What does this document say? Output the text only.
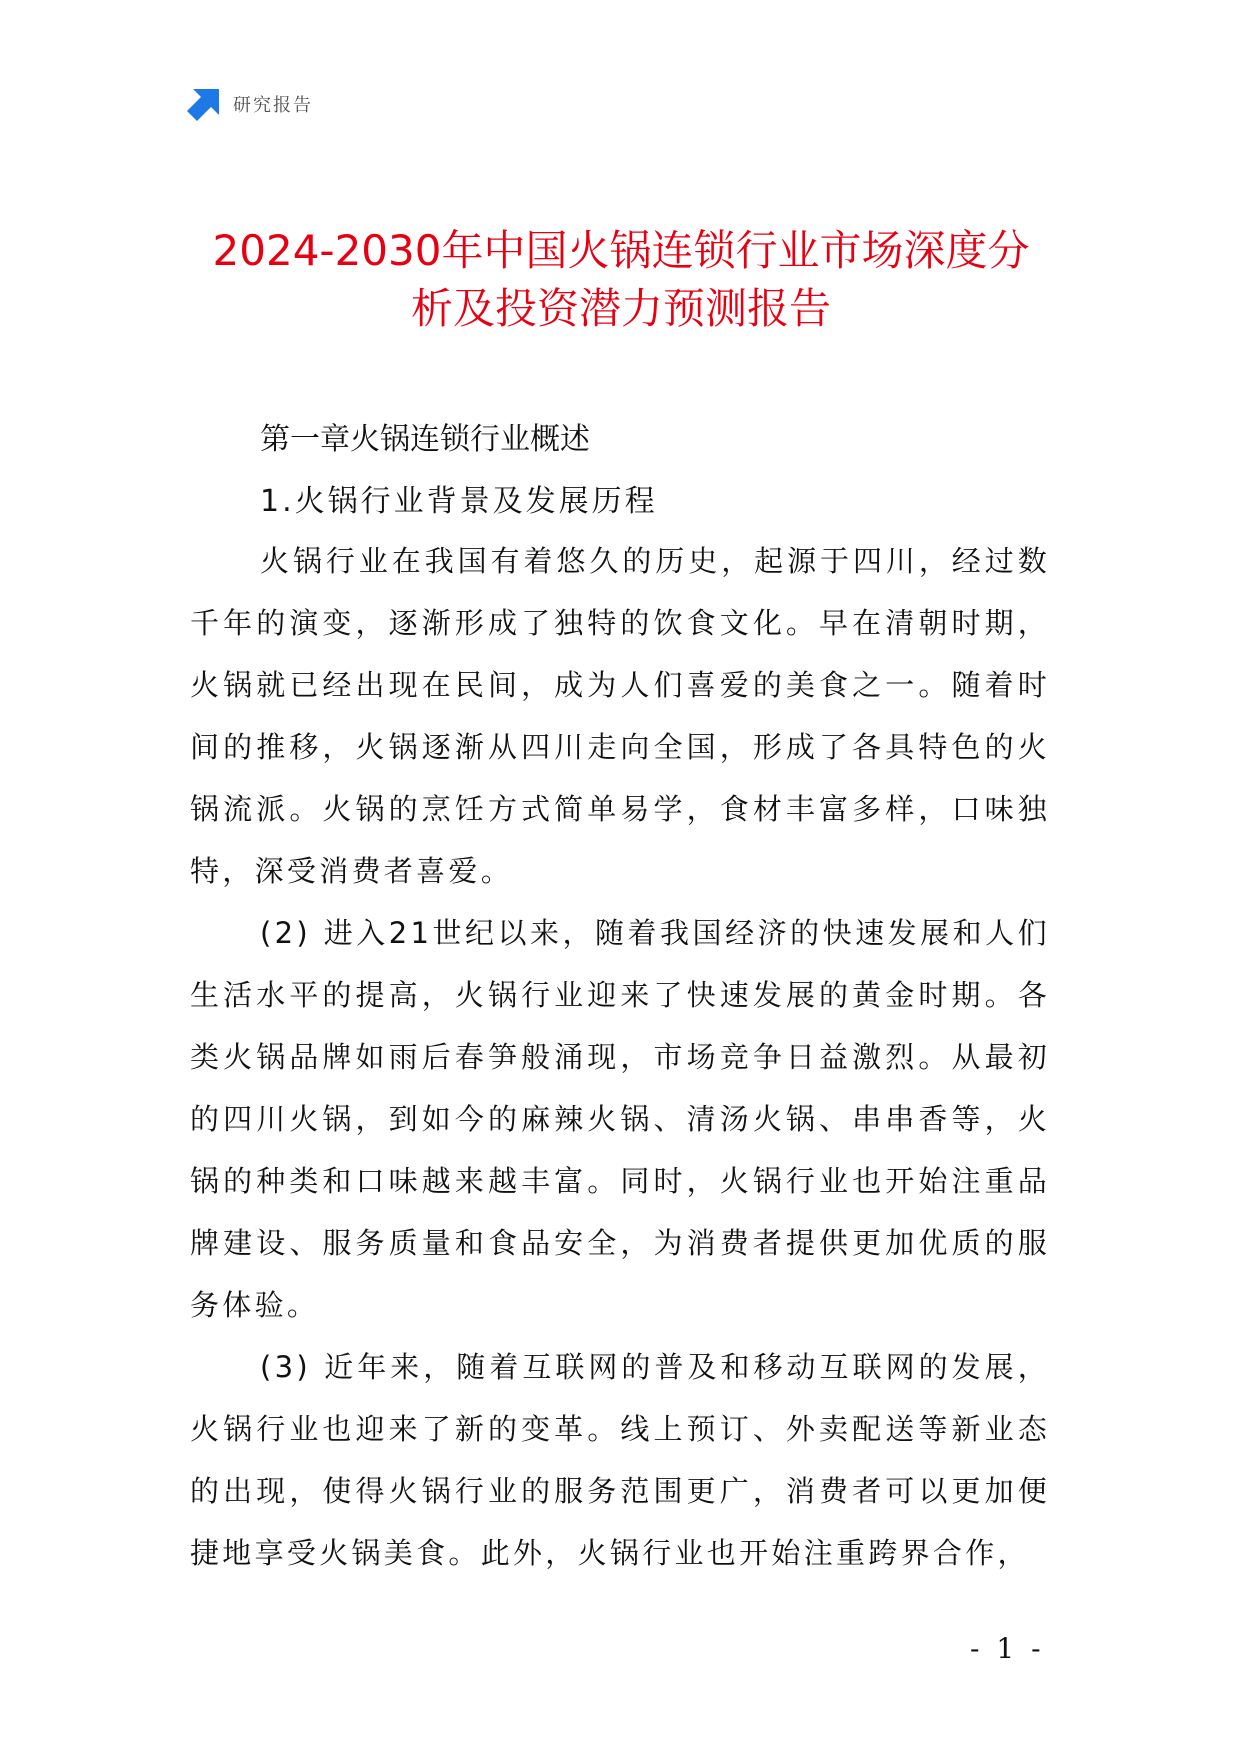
研究报告
2024-2030年中国火锅连锁行业市场深度分
析及投资潜力预测报告
第一章火锅连锁行业概述
1.火锅行业背景及发展历程

火锅行业在我国有着悠久的历史，起源于四川，经过数千年的演变，逐渐形成了独特的饮食文化。早在清朝时期，火锅就已经出现在民间，成为人们喜爱的美食之一。随着时间的推移，火锅逐渐从四川走向全国，形成了各具特色的火锅流派。火锅的烹饪方式简单易学，食材丰富多样，口味独特，深受消费者喜爱。

(2) 进入21世纪以来，随着我国经济的快速发展和人们生活水平的提高，火锅行业迎来了快速发展的黄金时期。各类火锅品牌如雨后春笋般涌现，市场竞争日益激烈。从最初的四川火锅，到如今的麻辣火锅、清汤火锅、串串香等，火锅的种类和口味越来越丰富。同时，火锅行业也开始注重品牌建设、服务质量和食品安全，为消费者提供更加优质的服务体验。

(3) 近年来，随着互联网的普及和移动互联网的发展，火锅行业也迎来了新的变革。线上预订、外卖配送等新业态的出现，使得火锅行业的服务范围更广，消费者可以更加便捷地享受火锅美食。此外，火锅行业也开始注重跨界合作，

- 1 -
